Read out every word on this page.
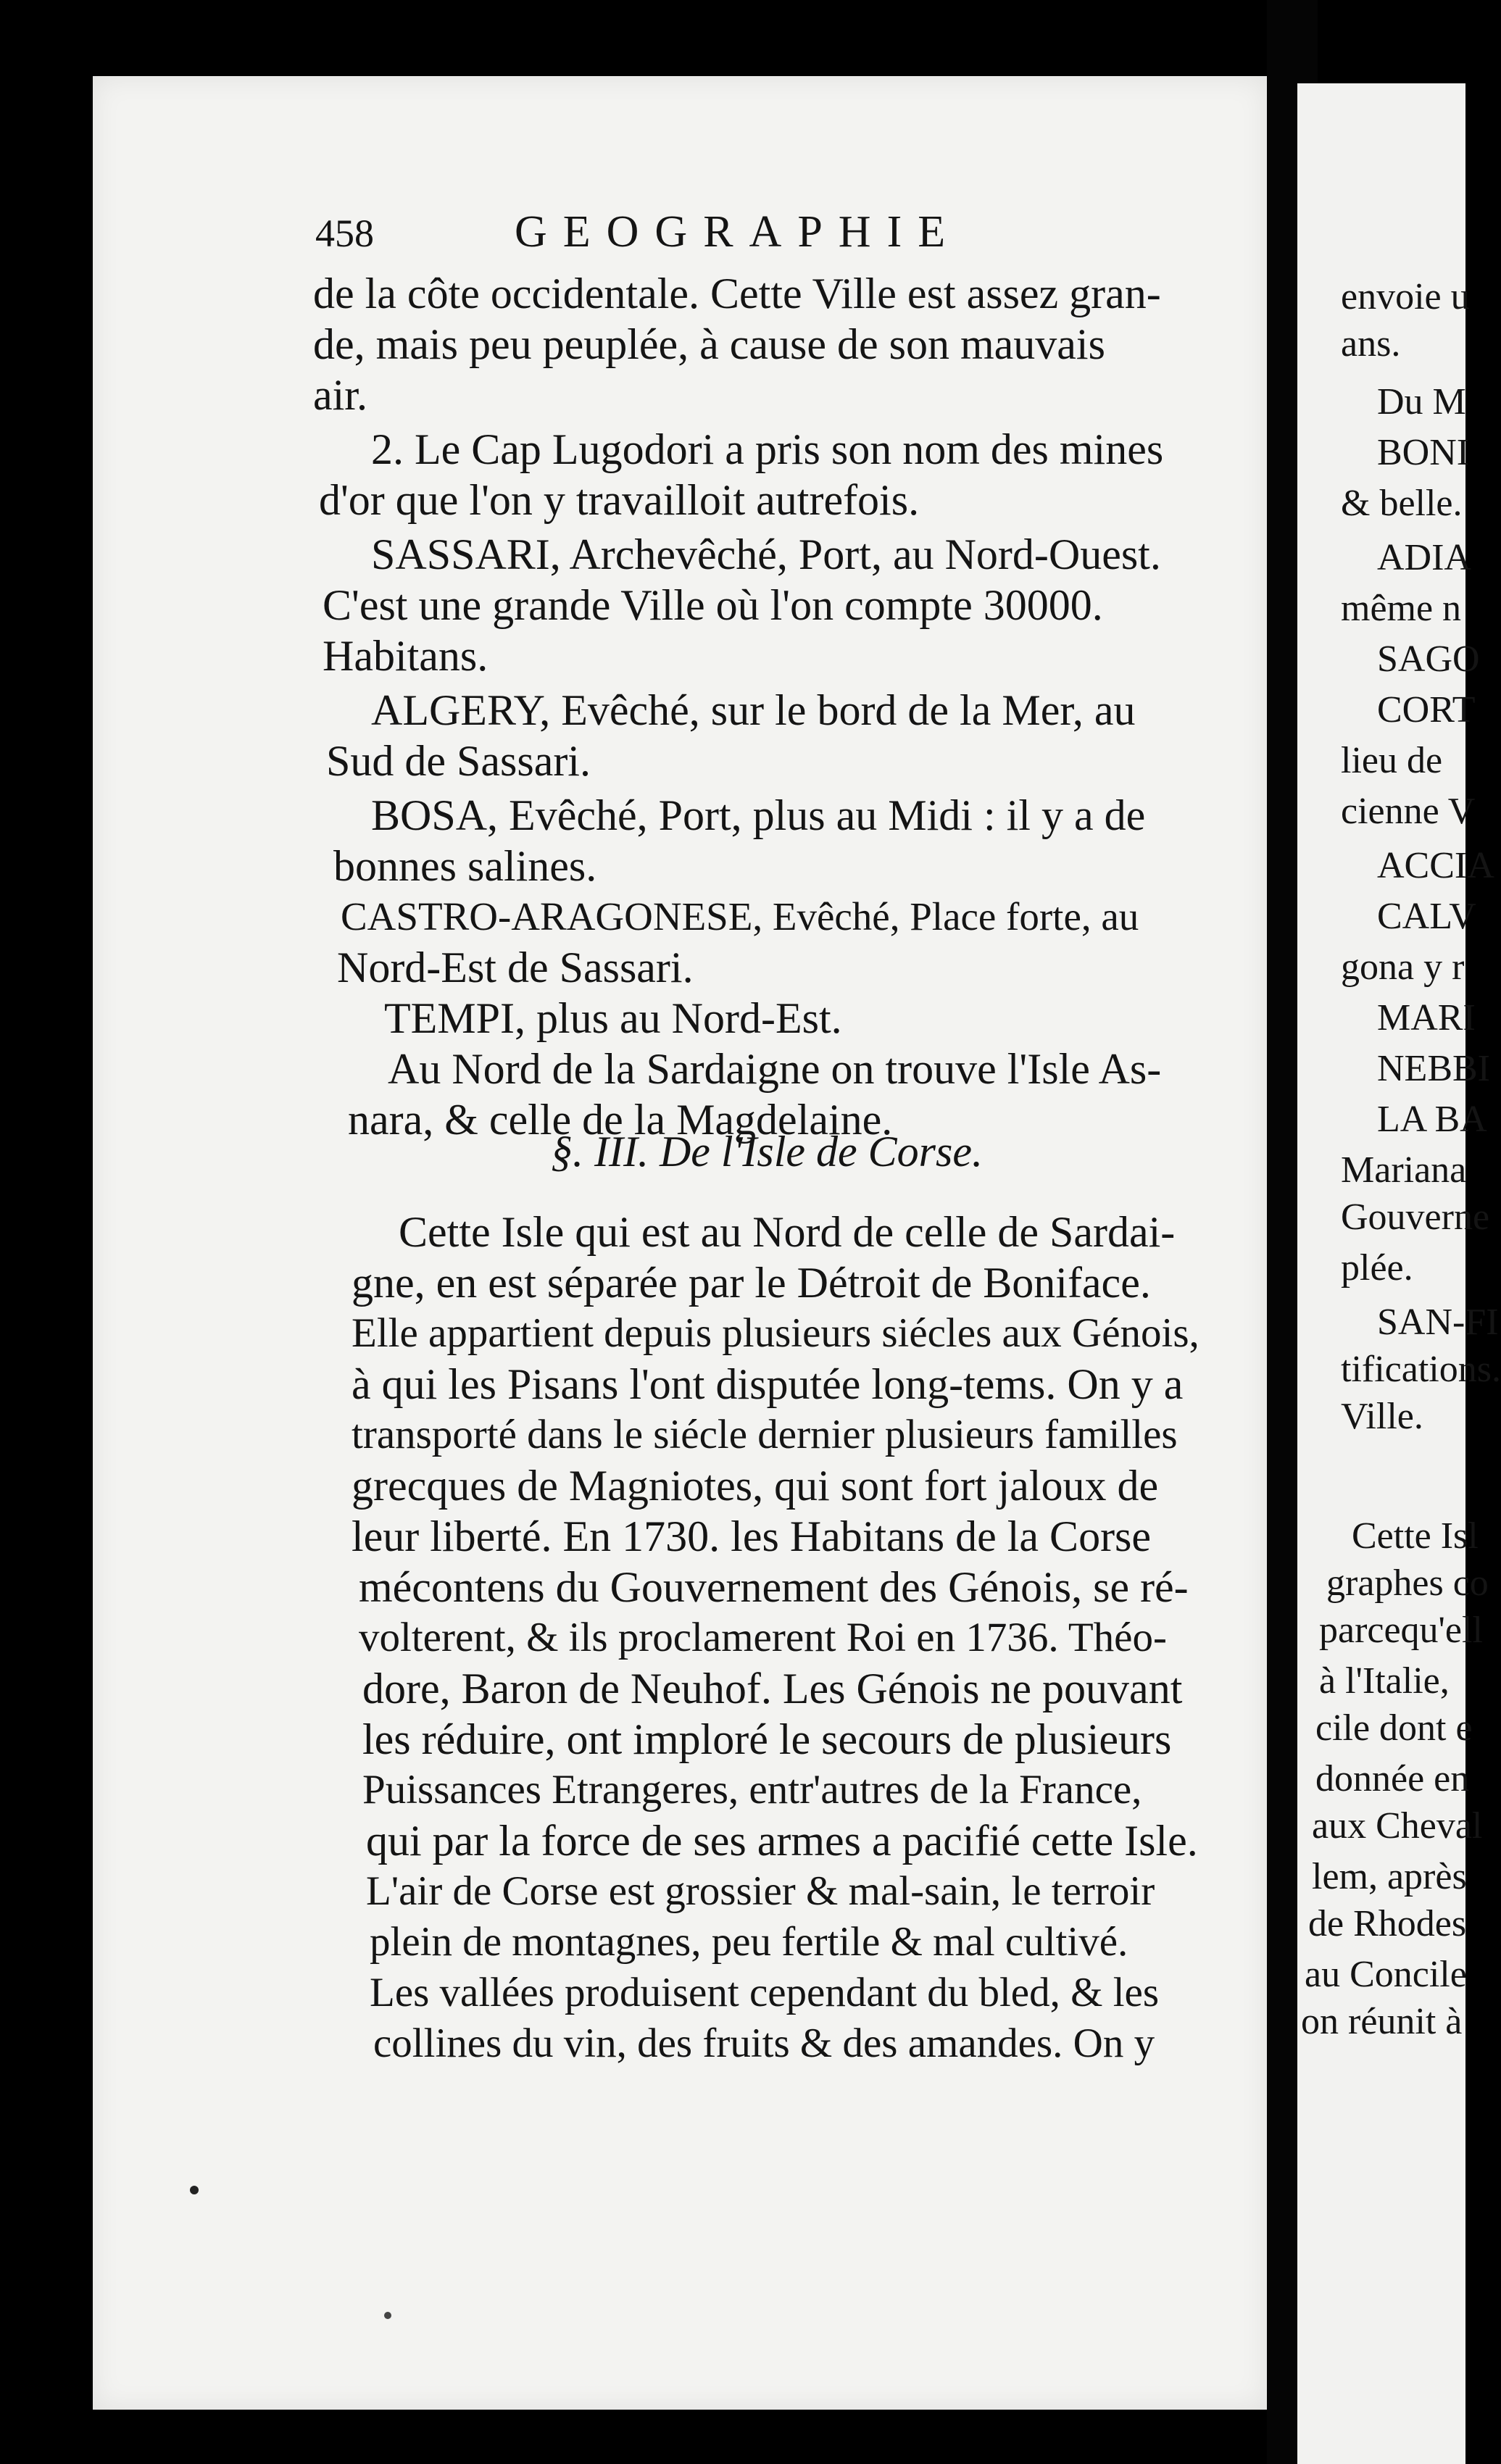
envoie u
ans.
Du M
BONI
& belle.
ADIA
même n
SAGO
CORT
lieu de
cienne V
ACCIA
CALV
gona y r
MARI
NEBBI
LA BA
Mariana
Gouverne
plée.
SAN-FI
tifications.
Ville.
Cette Isl
graphes co
parcequ'ell
à l'Italie,
cile dont e
donnée en
aux Cheval
lem, après
de Rhodes
au Concile
on réunit à
458	GEOGRAPHIE
de la côte occidentale. Cette Ville est assez gran-
de, mais peu peuplée, à cause de son mauvais
air.
2. Le Cap Lugodori a pris son nom des mines
d'or que l'on y travailloit autrefois.
SASSARI, Archevêché, Port, au Nord-Ouest.
C'est une grande Ville où l'on compte 30000.
Habitans.
ALGERY, Evêché, sur le bord de la Mer, au
Sud de Sassari.
BOSA, Evêché, Port, plus au Midi : il y a de
bonnes salines.
CASTRO-ARAGONESE, Evêché, Place forte, au
Nord-Est de Sassari.
TEMPI, plus au Nord-Est.
Au Nord de la Sardaigne on trouve l'Isle As-
nara, & celle de la Magdelaine.
§. III. De l'Isle de Corse.
Cette Isle qui est au Nord de celle de Sardai-
gne, en est séparée par le Détroit de Boniface.
Elle appartient depuis plusieurs siécles aux Génois,
à qui les Pisans l'ont disputée long-tems. On y a
transporté dans le siécle dernier plusieurs familles
grecques de Magniotes, qui sont fort jaloux de
leur liberté. En 1730. les Habitans de la Corse
mécontens du Gouvernement des Génois, se ré-
volterent, & ils proclamerent Roi en 1736. Théo-
dore, Baron de Neuhof. Les Génois ne pouvant
les réduire, ont imploré le secours de plusieurs
Puissances Etrangeres, entr'autres de la France,
qui par la force de ses armes a pacifié cette Isle.
L'air de Corse est grossier & mal-sain, le terroir
plein de montagnes, peu fertile & mal cultivé.
Les vallées produisent cependant du bled, & les
collines du vin, des fruits & des amandes. On y
